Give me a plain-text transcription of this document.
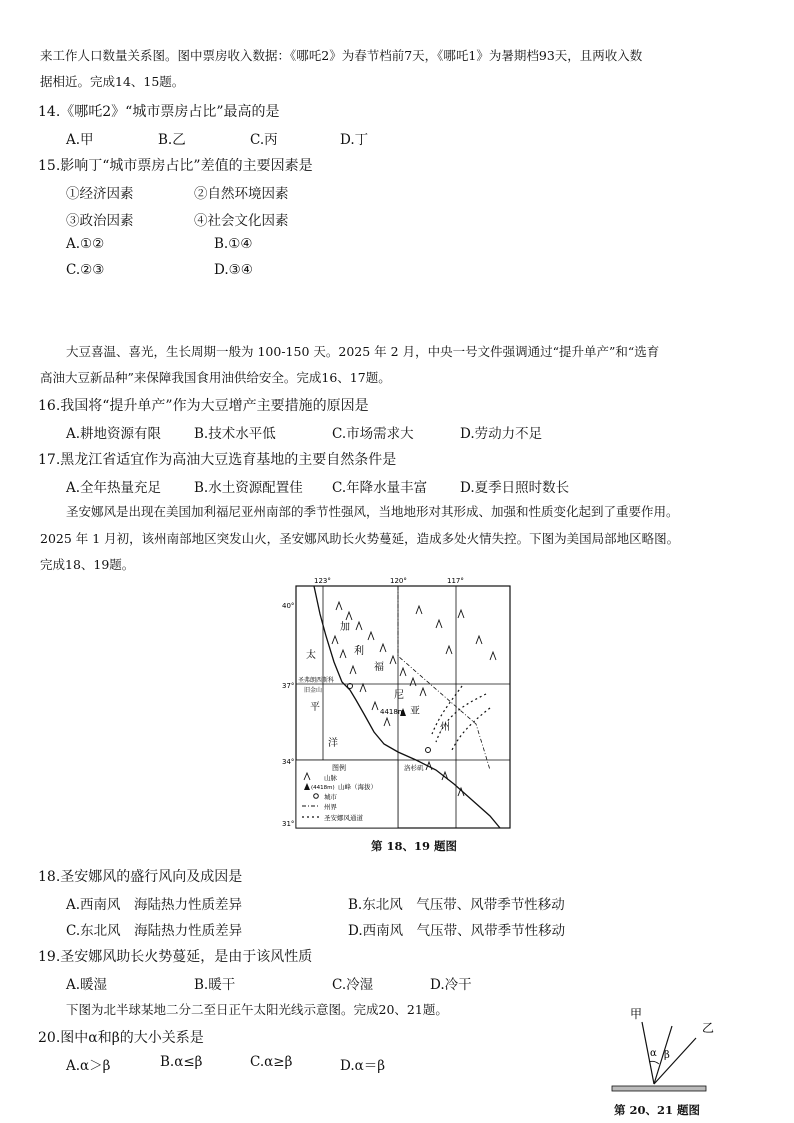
来工作人口数量关系图。图中票房收入数据：《哪吒2》为春节档前7天，《哪吒1》为暑期档93天，且两收入数
据相近。完成14、15题。
14.《哪吒2》“城市票房占比”最高的是
A.甲	B.乙	C.丙	D.丁
15.影响丁“城市票房占比”差值的主要因素是
①经济因素	②自然环境因素
③政治因素	④社会文化因素
A.①②	B.①④
C.②③	D.③④
大豆喜温、喜光，生长周期一般为 100-150 天。2025 年 2 月，中央一号文件强调通过“提升单产”和“选育
高油大豆新品种”来保障我国食用油供给安全。完成16、17题。
16.我国将“提升单产”作为大豆增产主要措施的原因是
A.耕地资源有限 B.技术水平低	C.市场需求大	D.劳动力不足
17.黑龙江省适宜作为高油大豆选育基地的主要自然条件是
A.全年热量充足 B.水土资源配置佳 C.年降水量丰富 D.夏季日照时数长
圣安娜风是出现在美国加利福尼亚州南部的季节性强风，当地地形对其形成、加强和性质变化起到了重要作用。
2025 年 1 月初，该州南部地区突发山火，圣安娜风助长火势蔓延，造成多处火情失控。下图为美国局部地区略图。
完成18、19题。
123°	120°	117°
40°
37°
34°
31°
4418m
圣弗朗西斯科
旧金山
洛杉矶
太
平
洋
加
利
福
尼
亚
州
图例
山脉
(4418m) 山峰（海拔）
城市
州界
圣安娜风通道
第 18、19 题图
18.圣安娜风的盛行风向及成因是
A.西南风　海陆热力性质差异	B.东北风　气压带、风带季节性移动
C.东北风　海陆热力性质差异	D.西南风　气压带、风带季节性移动
19.圣安娜风助长火势蔓延，是由于该风性质
A.暖湿	B.暖干	C.冷湿	D.冷干
下图为北半球某地二分二至日正午太阳光线示意图。完成20、21题。
20.图中α和β的大小关系是
A.α＞β	B.α≤β	C.α≥β	D.α＝β
甲
乙
α β
第 20、21 题图
